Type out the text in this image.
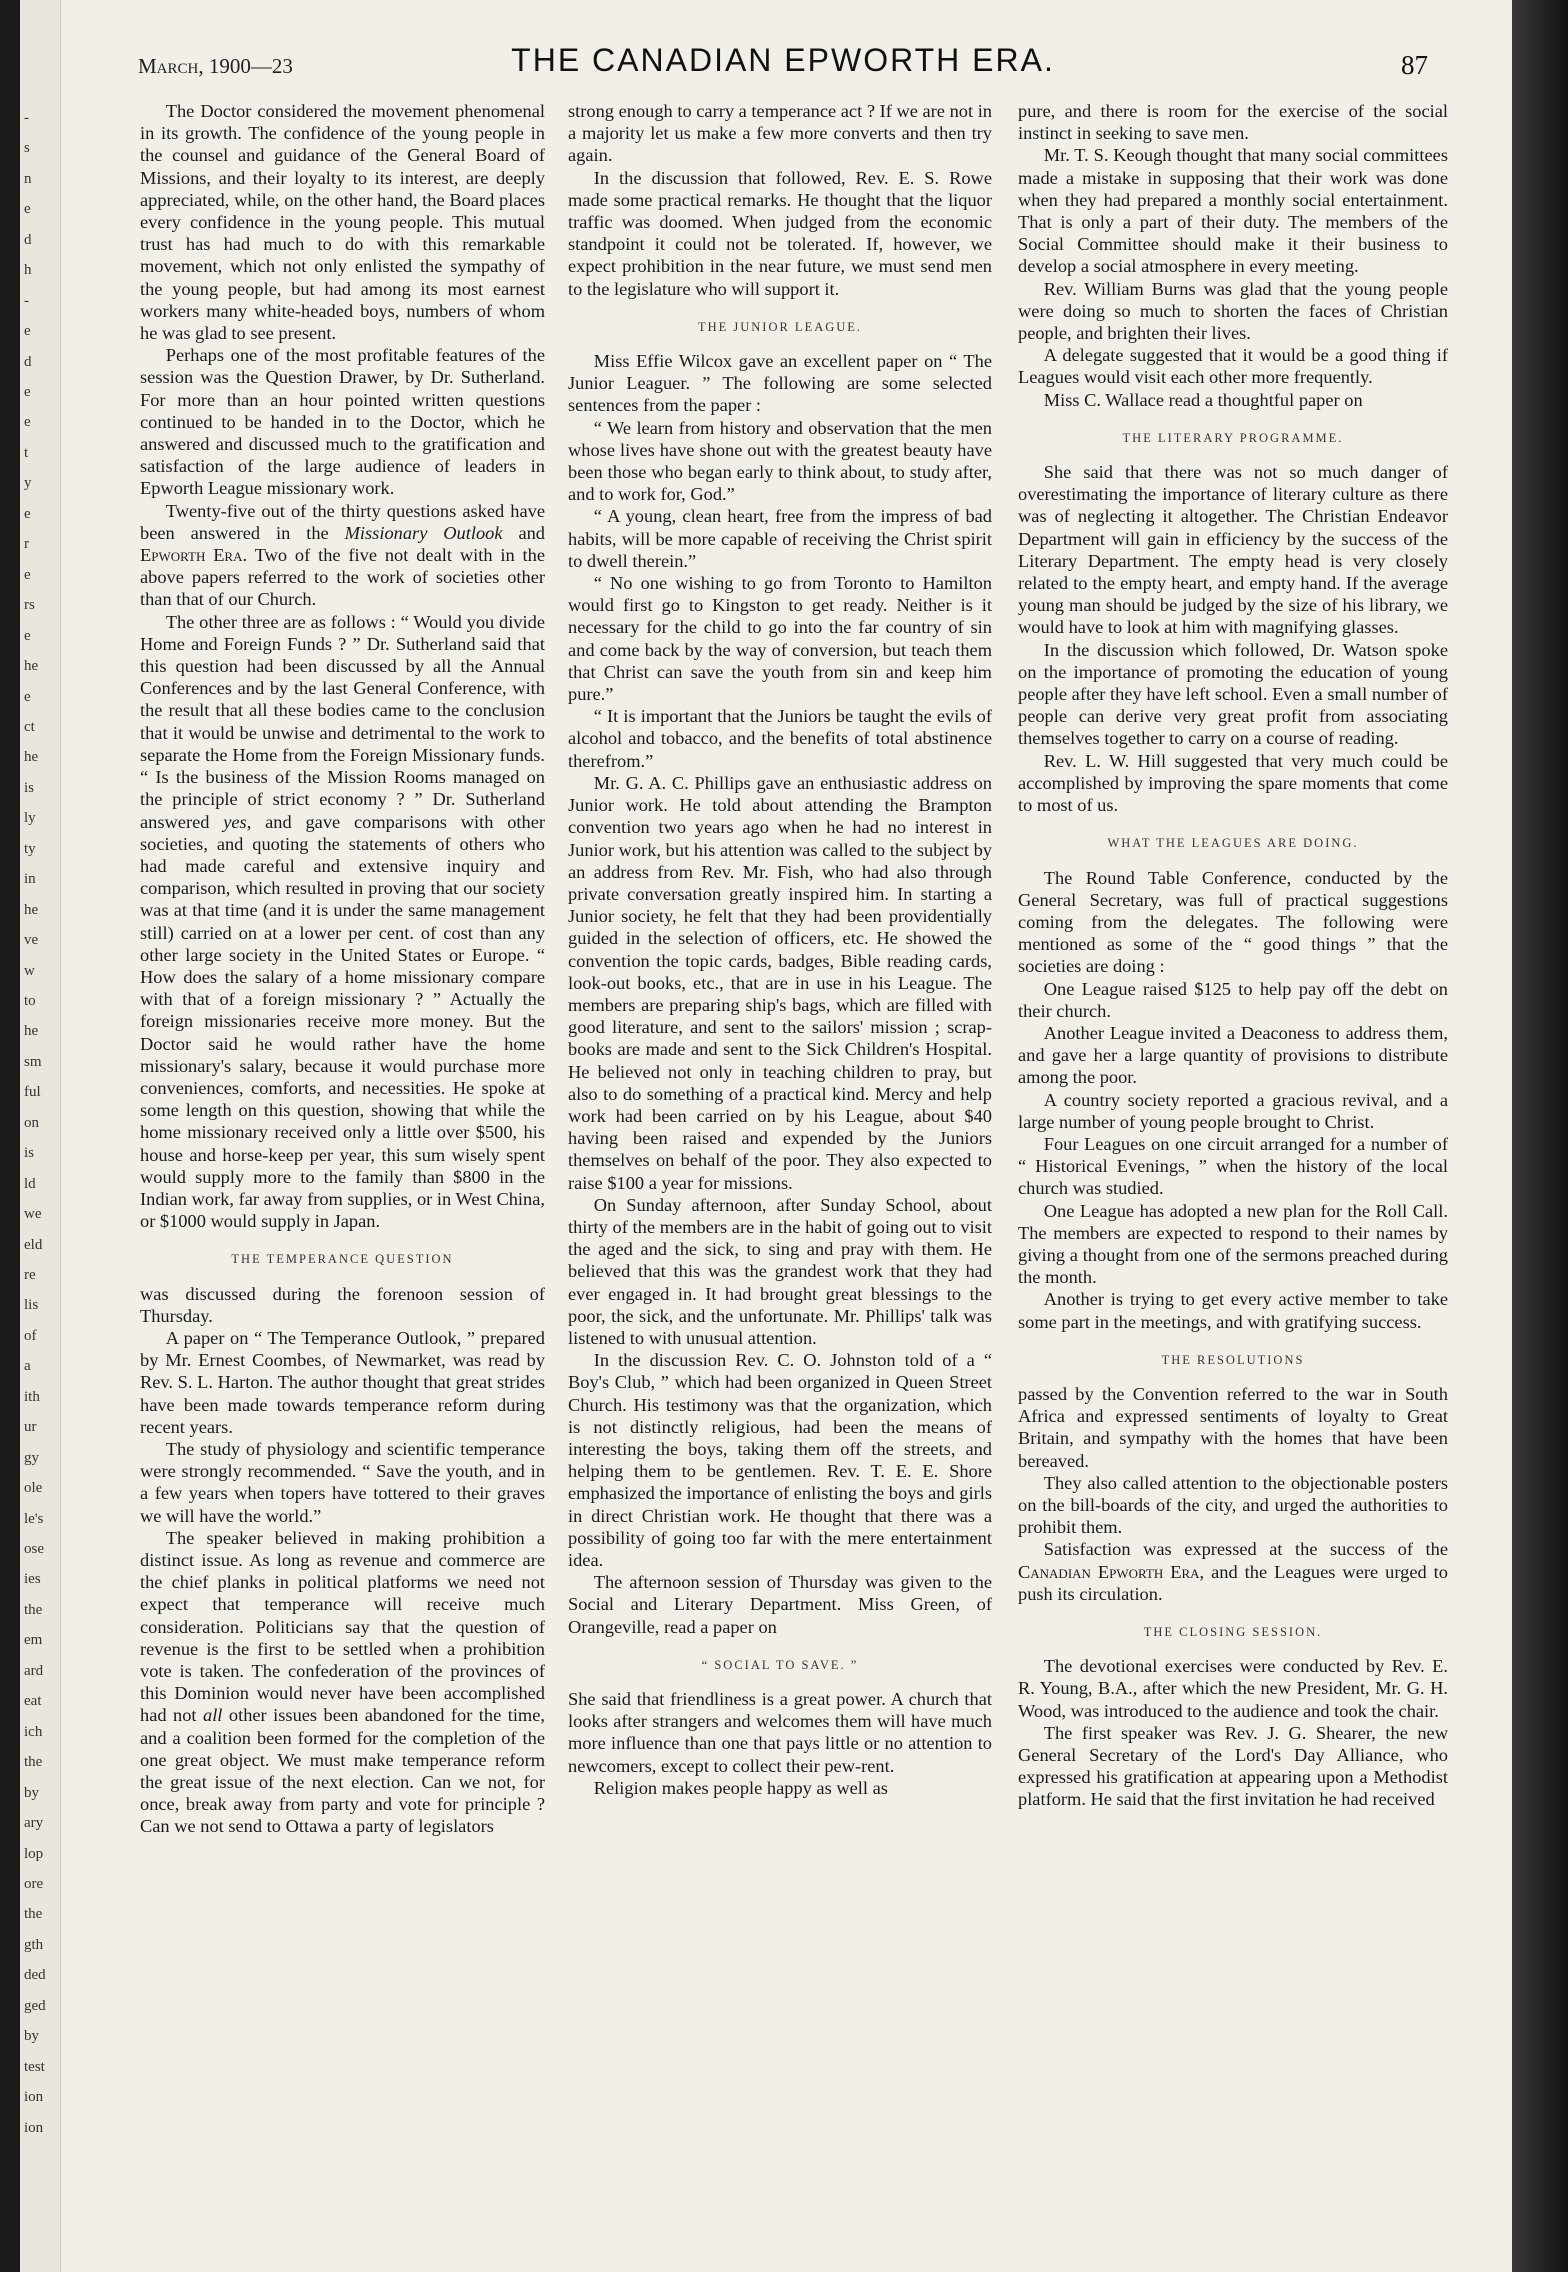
-
s
n
e
d
h
-
e
d
e
e
t
y
e
r
e
rs
e
he
e
ct
he
is
ly
ty
in
he
ve
w
to
he
sm
ful
on
is
ld
we
eld
re
lis
of
a
ith
ur
gy
ole
le's
ose
ies
the
em
ard
eat
ich
the
by
ary
lop
ore
the
gth
ded
ged
by
test
ion
ion
March, 1900—23	THE CANADIAN EPWORTH ERA.	87

The Doctor considered the movement phenomenal in its growth. The confidence of the young people in the counsel and guidance of the General Board of Missions, and their loyalty to its interest, are deeply appreciated, while, on the other hand, the Board places every confidence in the young people. This mutual trust has had much to do with this remarkable movement, which not only enlisted the sympathy of the young people, but had among its most earnest workers many white-headed boys, numbers of whom he was glad to see present.

Perhaps one of the most profitable features of the session was the Question Drawer, by Dr. Sutherland. For more than an hour pointed written questions continued to be handed in to the Doctor, which he answered and discussed much to the gratification and satisfaction of the large audience of leaders in Epworth League missionary work.

Twenty-five out of the thirty questions asked have been answered in the Missionary Outlook and Epworth Era. Two of the five not dealt with in the above papers referred to the work of societies other than that of our Church.

The other three are as follows : “ Would you divide Home and Foreign Funds ? ” Dr. Sutherland said that this question had been discussed by all the Annual Conferences and by the last General Conference, with the result that all these bodies came to the conclusion that it would be unwise and detrimental to the work to separate the Home from the Foreign Missionary funds. “ Is the business of the Mission Rooms managed on the principle of strict economy ? ” Dr. Sutherland answered yes, and gave comparisons with other societies, and quoting the statements of others who had made careful and extensive inquiry and comparison, which resulted in proving that our society was at that time (and it is under the same management still) carried on at a lower per cent. of cost than any other large society in the United States or Europe. “ How does the salary of a home missionary compare with that of a foreign missionary ? ” Actually the foreign missionaries receive more money. But the Doctor said he would rather have the home missionary's salary, because it would purchase more conveniences, comforts, and necessities. He spoke at some length on this question, showing that while the home missionary received only a little over $500, his house and horse-keep per year, this sum wisely spent would supply more to the family than $800 in the Indian work, far away from supplies, or in West China, or $1000 would supply in Japan.

THE TEMPERANCE QUESTION

was discussed during the forenoon session of Thursday.

A paper on “ The Temperance Outlook, ” prepared by Mr. Ernest Coombes, of Newmarket, was read by Rev. S. L. Harton. The author thought that great strides have been made towards temperance reform during recent years.

The study of physiology and scientific temperance were strongly recommended. “ Save the youth, and in a few years when topers have tottered to their graves we will have the world.”

The speaker believed in making prohibition a distinct issue. As long as revenue and commerce are the chief planks in political platforms we need not expect that temperance will receive much consideration. Politicians say that the question of revenue is the first to be settled when a prohibition vote is taken. The confederation of the provinces of this Dominion would never have been accomplished had not all other issues been abandoned for the time, and a coalition been formed for the completion of the one great object. We must make temperance reform the great issue of the next election. Can we not, for once, break away from party and vote for principle ? Can we not send to Ottawa a party of legislators

strong enough to carry a temperance act ? If we are not in a majority let us make a few more converts and then try again.

In the discussion that followed, Rev. E. S. Rowe made some practical remarks. He thought that the liquor traffic was doomed. When judged from the economic standpoint it could not be tolerated. If, however, we expect prohibition in the near future, we must send men to the legislature who will support it.

THE JUNIOR LEAGUE.

Miss Effie Wilcox gave an excellent paper on “ The Junior Leaguer. ” The following are some selected sentences from the paper :

“ We learn from history and observation that the men whose lives have shone out with the greatest beauty have been those who began early to think about, to study after, and to work for, God.”

“ A young, clean heart, free from the impress of bad habits, will be more capable of receiving the Christ spirit to dwell therein.”

“ No one wishing to go from Toronto to Hamilton would first go to Kingston to get ready. Neither is it necessary for the child to go into the far country of sin and come back by the way of conversion, but teach them that Christ can save the youth from sin and keep him pure.”

“ It is important that the Juniors be taught the evils of alcohol and tobacco, and the benefits of total abstinence therefrom.”

Mr. G. A. C. Phillips gave an enthusiastic address on Junior work. He told about attending the Brampton convention two years ago when he had no interest in Junior work, but his attention was called to the subject by an address from Rev. Mr. Fish, who had also through private conversation greatly inspired him. In starting a Junior society, he felt that they had been providentially guided in the selection of officers, etc. He showed the convention the topic cards, badges, Bible reading cards, look-out books, etc., that are in use in his League. The members are preparing ship's bags, which are filled with good literature, and sent to the sailors' mission ; scrap-books are made and sent to the Sick Children's Hospital. He believed not only in teaching children to pray, but also to do something of a practical kind. Mercy and help work had been carried on by his League, about $40 having been raised and expended by the Juniors themselves on behalf of the poor. They also expected to raise $100 a year for missions.

On Sunday afternoon, after Sunday School, about thirty of the members are in the habit of going out to visit the aged and the sick, to sing and pray with them. He believed that this was the grandest work that they had ever engaged in. It had brought great blessings to the poor, the sick, and the unfortunate. Mr. Phillips' talk was listened to with unusual attention.

In the discussion Rev. C. O. Johnston told of a “ Boy's Club, ” which had been organized in Queen Street Church. His testimony was that the organization, which is not distinctly religious, had been the means of interesting the boys, taking them off the streets, and helping them to be gentlemen. Rev. T. E. E. Shore emphasized the importance of enlisting the boys and girls in direct Christian work. He thought that there was a possibility of going too far with the mere entertainment idea.

The afternoon session of Thursday was given to the Social and Literary Department. Miss Green, of Orangeville, read a paper on

“ SOCIAL TO SAVE. ”

She said that friendliness is a great power. A church that looks after strangers and welcomes them will have much more influence than one that pays little or no attention to newcomers, except to collect their pew-rent.

Religion makes people happy as well as

pure, and there is room for the exercise of the social instinct in seeking to save men.

Mr. T. S. Keough thought that many social committees made a mistake in supposing that their work was done when they had prepared a monthly social entertainment. That is only a part of their duty. The members of the Social Committee should make it their business to develop a social atmosphere in every meeting.

Rev. William Burns was glad that the young people were doing so much to shorten the faces of Christian people, and brighten their lives.

A delegate suggested that it would be a good thing if Leagues would visit each other more frequently.

Miss C. Wallace read a thoughtful paper on

THE LITERARY PROGRAMME.

She said that there was not so much danger of overestimating the importance of literary culture as there was of neglecting it altogether. The Christian Endeavor Department will gain in efficiency by the success of the Literary Department. The empty head is very closely related to the empty heart, and empty hand. If the average young man should be judged by the size of his library, we would have to look at him with magnifying glasses.

In the discussion which followed, Dr. Watson spoke on the importance of promoting the education of young people after they have left school. Even a small number of people can derive very great profit from associating themselves together to carry on a course of reading.

Rev. L. W. Hill suggested that very much could be accomplished by improving the spare moments that come to most of us.

WHAT THE LEAGUES ARE DOING.

The Round Table Conference, conducted by the General Secretary, was full of practical suggestions coming from the delegates. The following were mentioned as some of the “ good things ” that the societies are doing :

One League raised $125 to help pay off the debt on their church.

Another League invited a Deaconess to address them, and gave her a large quantity of provisions to distribute among the poor.

A country society reported a gracious revival, and a large number of young people brought to Christ.

Four Leagues on one circuit arranged for a number of “ Historical Evenings, ” when the history of the local church was studied.

One League has adopted a new plan for the Roll Call. The members are expected to respond to their names by giving a thought from one of the sermons preached during the month.

Another is trying to get every active member to take some part in the meetings, and with gratifying success.

THE RESOLUTIONS

passed by the Convention referred to the war in South Africa and expressed sentiments of loyalty to Great Britain, and sympathy with the homes that have been bereaved.

They also called attention to the objectionable posters on the bill-boards of the city, and urged the authorities to prohibit them.

Satisfaction was expressed at the success of the Canadian Epworth Era, and the Leagues were urged to push its circulation.

THE CLOSING SESSION.

The devotional exercises were conducted by Rev. E. R. Young, B.A., after which the new President, Mr. G. H. Wood, was introduced to the audience and took the chair.

The first speaker was Rev. J. G. Shearer, the new General Secretary of the Lord's Day Alliance, who expressed his gratification at appearing upon a Methodist platform. He said that the first invitation he had received
